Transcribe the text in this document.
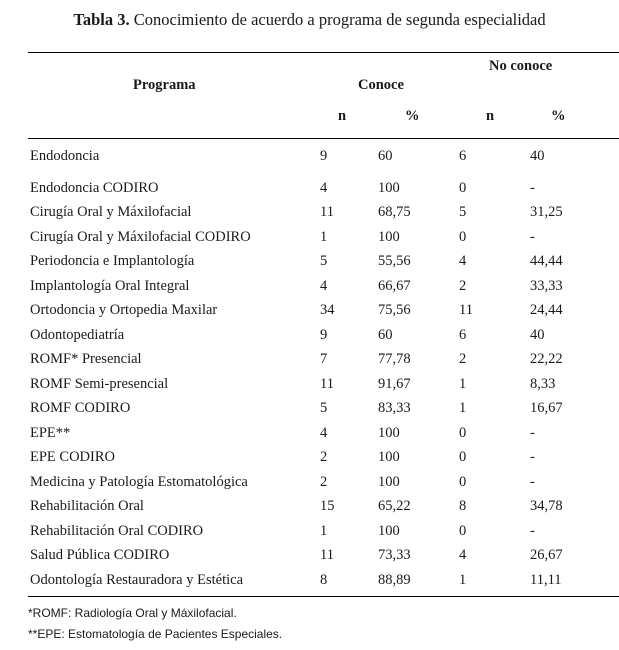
Tabla 3. Conocimiento de acuerdo a programa de segunda especialidad
Programa	Conoce
No conoce
n	%	n	%
Endodoncia	9	60	6	40
Endodoncia CODIRO	4	100	0	-
Cirugía Oral y Máxilofacial	11	68,75	5	31,25
Cirugía Oral y Máxilofacial CODIRO	1	100	0	-
Periodoncia e Implantología	5	55,56	4	44,44
Implantología Oral Integral	4	66,67	2	33,33
Ortodoncia y Ortopedia Maxilar	34	75,56	11	24,44
Odontopediatría	9	60	6	40
ROMF* Presencial	7	77,78	2	22,22
ROMF Semi-presencial	11	91,67	1	8,33
ROMF CODIRO	5	83,33	1	16,67
EPE**	4	100	0	-
EPE CODIRO	2	100	0	-
Medicina y Patología Estomatológica	2	100	0	-
Rehabilitación Oral	15	65,22	8	34,78
Rehabilitación Oral CODIRO	1	100	0	-
Salud Pública CODIRO	11	73,33	4	26,67
Odontología Restauradora y Estética	8	88,89	1	11,11
*ROMF: Radiología Oral y Máxilofacial.
**EPE: Estomatología de Pacientes Especiales.
